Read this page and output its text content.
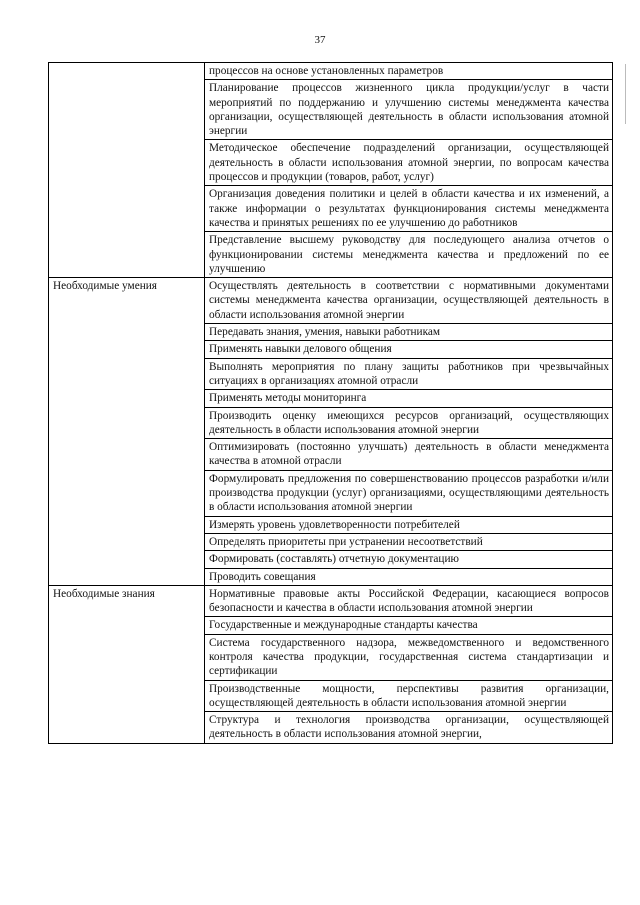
37
	процессов на основе установленных параметров
	Планирование процессов жизненного цикла продукции/услуг в части мероприятий по поддержанию и улучшению системы менеджмента качества организации, осуществляющей деятельность в области использования атомной энергии
	Методическое обеспечение подразделений организации, осуществляющей деятельность в области использования атомной энергии, по вопросам качества процессов и продукции (товаров, работ, услуг)
	Организация доведения политики и целей в области качества и их изменений, а также информации о результатах функционирования системы менеджмента качества и принятых решениях по ее улучшению до работников
	Представление высшему руководству для последующего анализа отчетов о функционировании системы менеджмента качества и предложений по ее улучшению
Необходимые умения	Осуществлять деятельность в соответствии с нормативными документами системы менеджмента качества организации, осуществляющей деятельность в области использования атомной энергии
	Передавать знания, умения, навыки работникам
	Применять навыки делового общения
	Выполнять мероприятия по плану защиты работников при чрезвычайных ситуациях в организациях атомной отрасли
	Применять методы мониторинга
	Производить оценку имеющихся ресурсов организаций, осуществляющих деятельность в области использования атомной энергии
	Оптимизировать (постоянно улучшать) деятельность в области менеджмента качества в атомной отрасли
	Формулировать предложения по совершенствованию процессов разработки и/или производства продукции (услуг) организациями, осуществляющими деятельность в области использования атомной энергии
	Измерять уровень удовлетворенности потребителей
	Определять приоритеты при устранении несоответствий
	Формировать (составлять) отчетную документацию
	Проводить совещания
Необходимые знания	Нормативные правовые акты Российской Федерации, касающиеся вопросов безопасности и качества в области использования атомной энергии
	Государственные и международные стандарты качества
	Система государственного надзора, межведомственного и ведомственного контроля качества продукции, государственная система стандартизации и сертификации
	Производственные мощности, перспективы развития организации, осуществляющей деятельность в области использования атомной энергии
	Структура и технология производства организации, осуществляющей деятельность в области использования атомной энергии,
